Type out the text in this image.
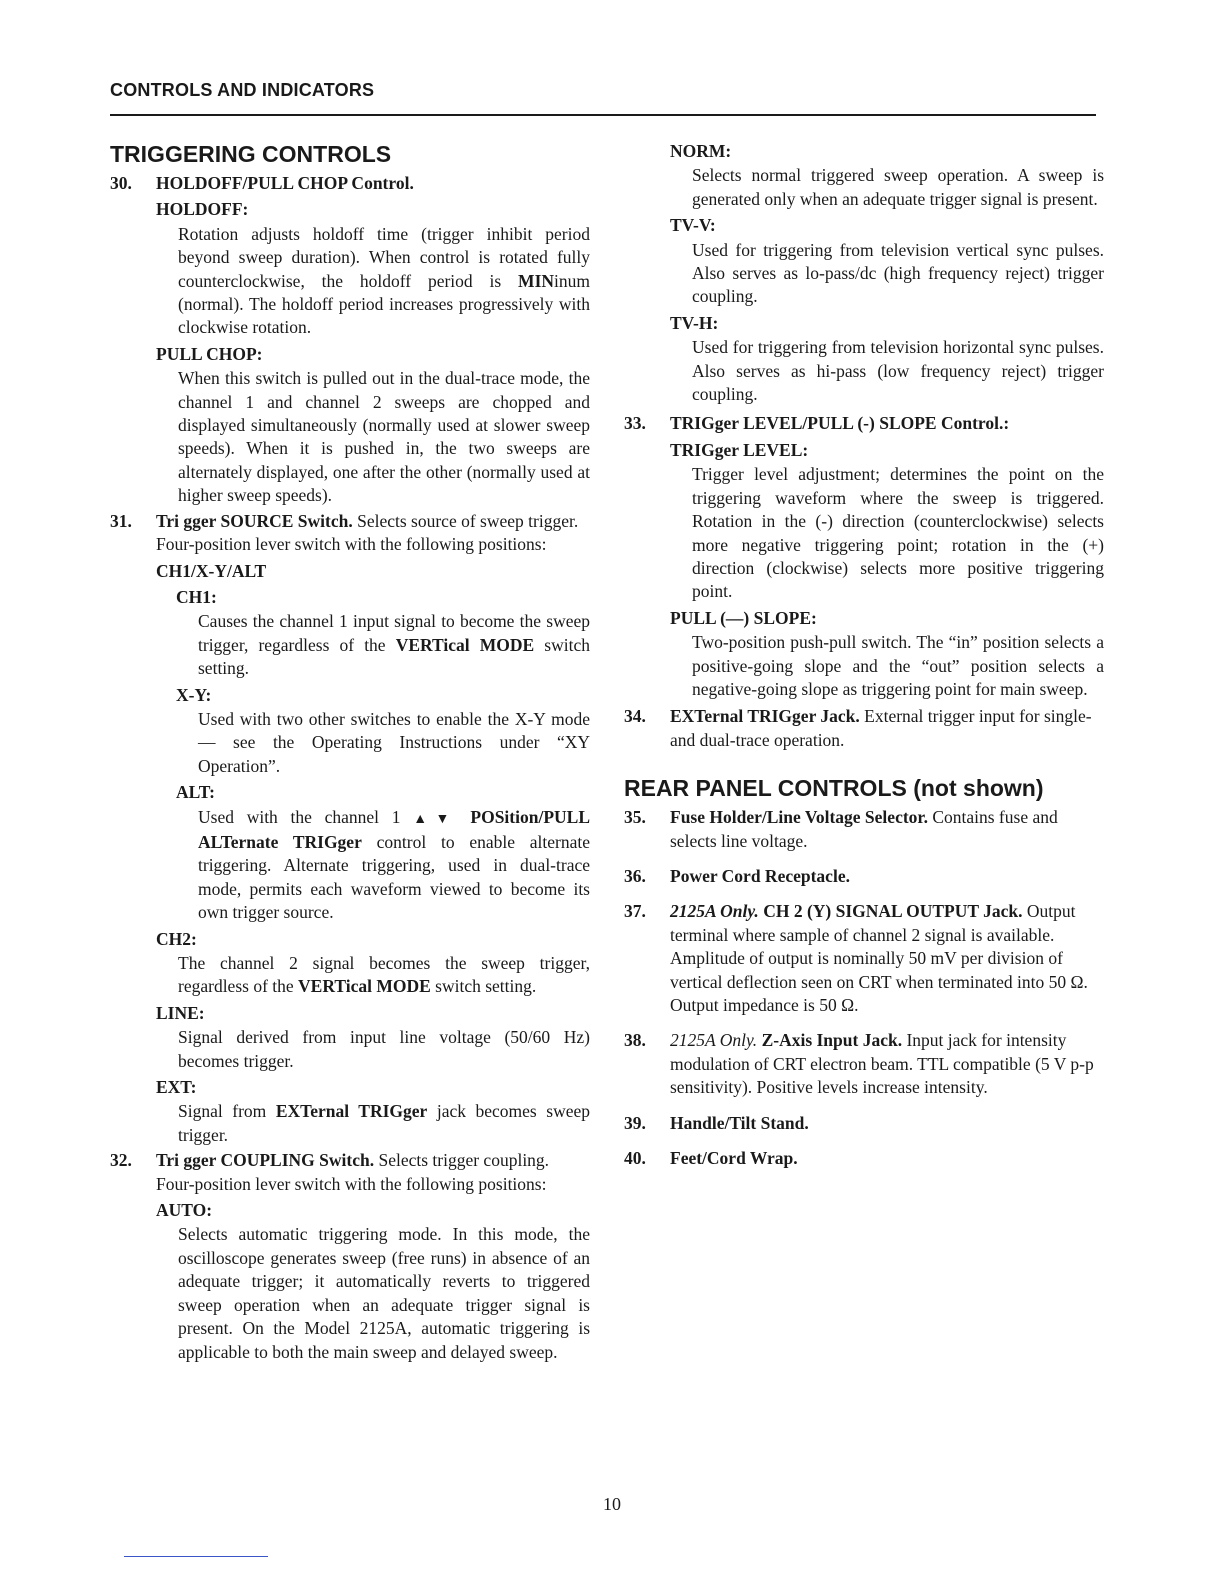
CONTROLS AND INDICATORS
TRIGGERING CONTROLS
30. HOLDOFF/PULL CHOP Control.
HOLDOFF:
Rotation adjusts holdoff time (trigger inhibit period beyond sweep duration). When control is rotated fully counterclockwise, the holdoff period is MINinum (normal). The holdoff period increases progressively with clockwise rotation.
PULL CHOP:
When this switch is pulled out in the dual-trace mode, the channel 1 and channel 2 sweeps are chopped and displayed simultaneously (normally used at slower sweep speeds). When it is pushed in, the two sweeps are alternately displayed, one after the other (normally used at higher sweep speeds).
31. Tri gger SOURCE Switch. Selects source of sweep trigger. Four-position lever switch with the following positions:
CH1/X-Y/ALT
CH1:
Causes the channel 1 input signal to become the sweep trigger, regardless of the VERTical MODE switch setting.
X-Y:
Used with two other switches to enable the X-Y mode — see the Operating Instructions under “XY Operation”.
ALT:
Used with the channel 1 ▲▼ POSition/PULL ALTernate TRIGger control to enable alternate triggering. Alternate triggering, used in dual-trace mode, permits each waveform viewed to become its own trigger source.
CH2:
The channel 2 signal becomes the sweep trigger, regardless of the VERTical MODE switch setting.
LINE:
Signal derived from input line voltage (50/60 Hz) becomes trigger.
EXT:
Signal from EXTernal TRIGger jack becomes sweep trigger.
32. Tri gger COUPLING Switch. Selects trigger coupling. Four-position lever switch with the following positions:
AUTO:
Selects automatic triggering mode. In this mode, the oscilloscope generates sweep (free runs) in absence of an adequate trigger; it automatically reverts to triggered sweep operation when an adequate trigger signal is present. On the Model 2125A, automatic triggering is applicable to both the main sweep and delayed sweep.
NORM:
Selects normal triggered sweep operation. A sweep is generated only when an adequate trigger signal is present.
TV-V:
Used for triggering from television vertical sync pulses. Also serves as lo-pass/dc (high frequency reject) trigger coupling.
TV-H:
Used for triggering from television horizontal sync pulses. Also serves as hi-pass (low frequency reject) trigger coupling.
33. TRIGger LEVEL/PULL (-) SLOPE Control.:
TRIGger LEVEL:
Trigger level adjustment; determines the point on the triggering waveform where the sweep is triggered. Rotation in the (-) direction (counterclockwise) selects more negative triggering point; rotation in the (+) direction (clockwise) selects more positive triggering point.
PULL (—) SLOPE:
Two-position push-pull switch. The “in” position selects a positive-going slope and the “out” position selects a negative-going slope as triggering point for main sweep.
34. EXTernal TRIGger Jack. External trigger input for single- and dual-trace operation.
REAR PANEL CONTROLS (not shown)
35. Fuse Holder/Line Voltage Selector. Contains fuse and selects line voltage.
36. Power Cord Receptacle.
37. 2125A Only. CH 2 (Y) SIGNAL OUTPUT Jack. Output terminal where sample of channel 2 signal is available. Amplitude of output is nominally 50 mV per division of vertical deflection seen on CRT when terminated into 50 Ω. Output impedance is 50 Ω.
38. 2125A Only. Z-Axis Input Jack. Input jack for intensity modulation of CRT electron beam. TTL compatible (5 V p-p sensitivity). Positive levels increase intensity.
39. Handle/Tilt Stand.
40. Feet/Cord Wrap.
10
